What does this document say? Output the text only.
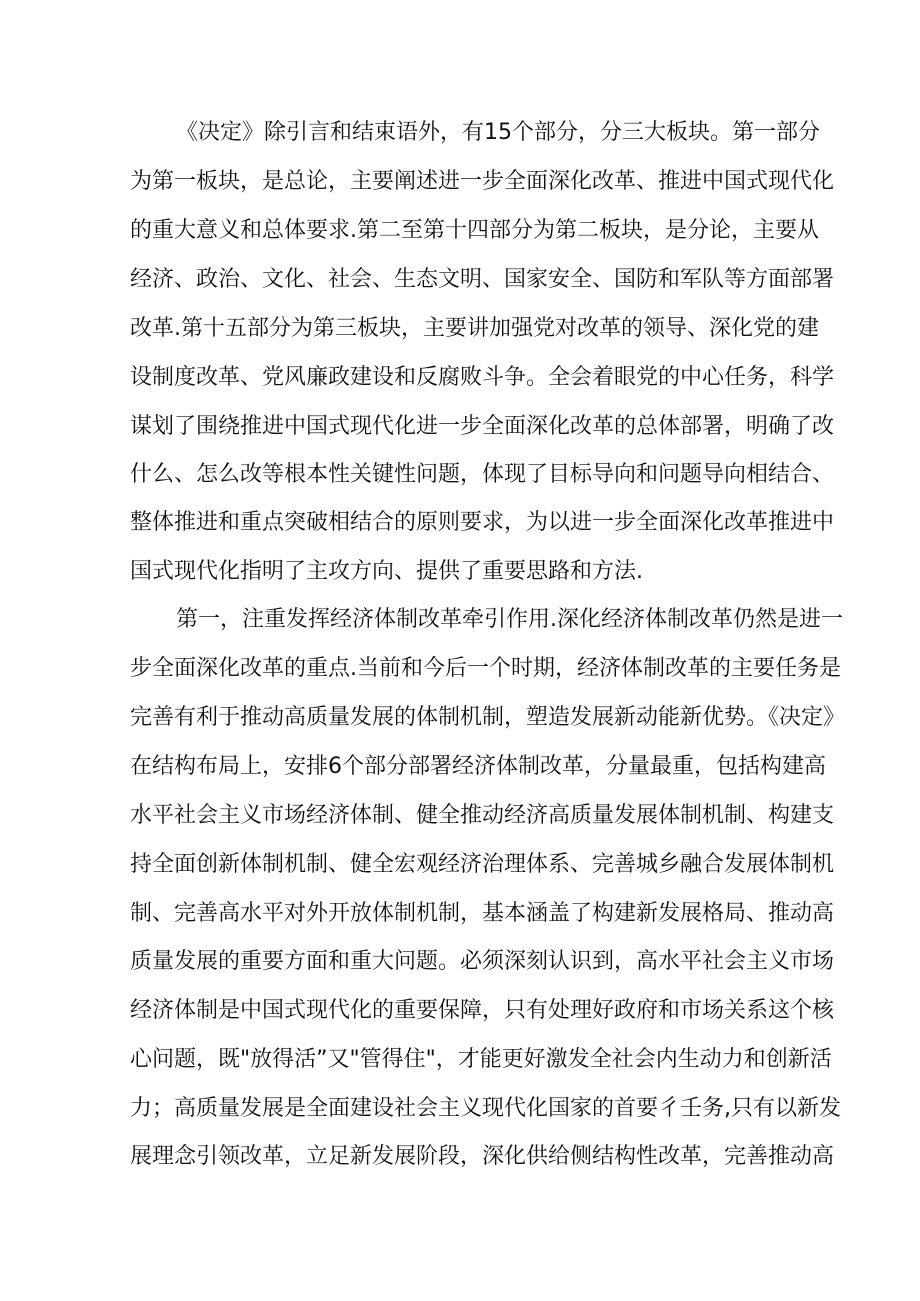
《决定》除引言和结束语外，有15个部分，分三大板块。第一部分

为第一板块，是总论，主要阐述进一步全面深化改革、推进中国式现代化

的重大意义和总体要求.第二至第十四部分为第二板块，是分论，主要从

经济、政治、文化、社会、生态文明、国家安全、国防和军队等方面部署

改革.第十五部分为第三板块，主要讲加强党对改革的领导、深化党的建

设制度改革、党风廉政建设和反腐败斗争。全会着眼党的中心任务，科学

谋划了围绕推进中国式现代化进一步全面深化改革的总体部署，明确了改

什么、怎么改等根本性关键性问题，体现了目标导向和问题导向相结合、

整体推进和重点突破相结合的原则要求，为以进一步全面深化改革推进中

国式现代化指明了主攻方向、提供了重要思路和方法.

第一，注重发挥经济体制改革牵引作用.深化经济体制改革仍然是进一

步全面深化改革的重点.当前和今后一个时期，经济体制改革的主要任务是

完善有利于推动高质量发展的体制机制，塑造发展新动能新优势。《决定》

在结构布局上，安排6个部分部署经济体制改革，分量最重，包括构建高

水平社会主义市场经济体制、健全推动经济高质量发展体制机制、构建支

持全面创新体制机制、健全宏观经济治理体系、完善城乡融合发展体制机

制、完善高水平对外开放体制机制，基本涵盖了构建新发展格局、推动高

质量发展的重要方面和重大问题。必须深刻认识到，高水平社会主义市场

经济体制是中国式现代化的重要保障，只有处理好政府和市场关系这个核

心问题，既"放得活”又"管得住"，才能更好激发全社会内生动力和创新活

力；高质量发展是全面建设社会主义现代化国家的首要彳壬务,只有以新发

展理念引领改革，立足新发展阶段，深化供给侧结构性改革，完善推动高
